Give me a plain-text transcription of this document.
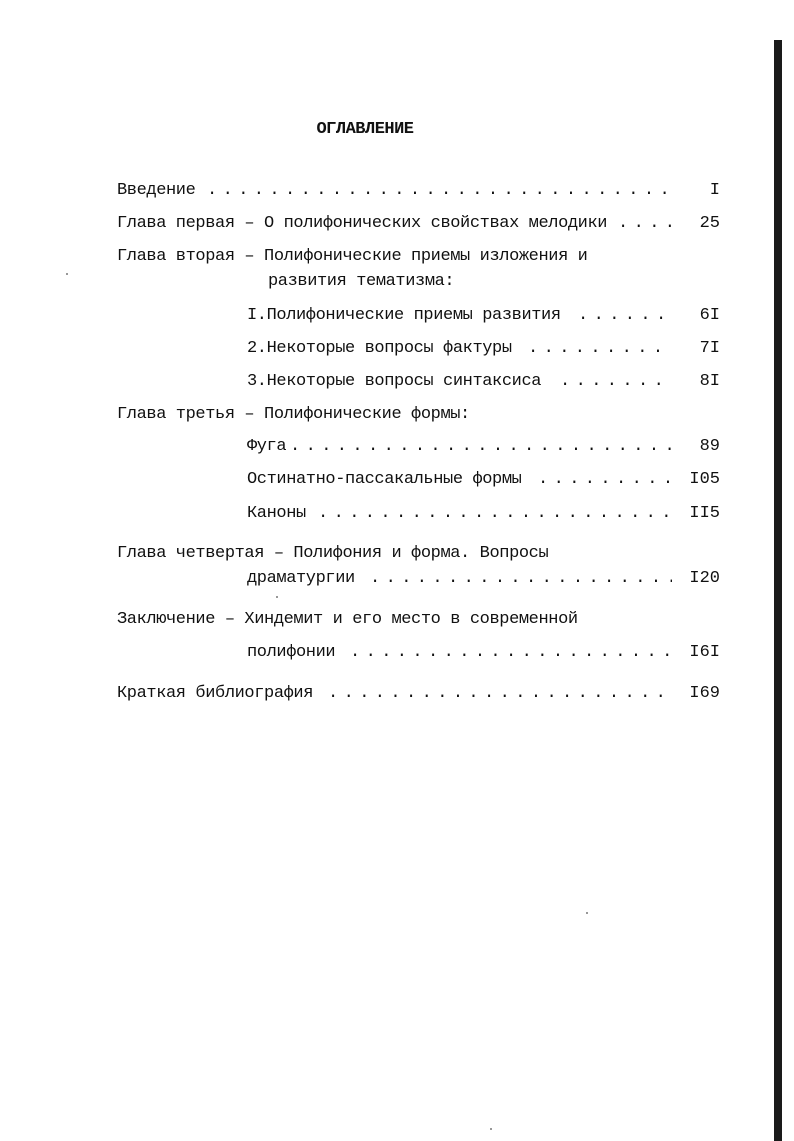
ОГЛАВЛЕНИЕ
Введение . . .	I
Глава первая – О полифонических свойствах мелодики . . .	25
Глава вторая – Полифонические приемы изложения и
развития тематизма:
I.Полифонические приемы развития . . .	6I
2.Некоторые вопросы фактуры . . .	7I
3.Некоторые вопросы синтаксиса . . .	8I
Глава третья – Полифонические формы:
Фуга . . .	89
Остинатно-пассакальные формы . . .	I05
Каноны . . .	II5
Глава четвертая – Полифония и форма. Вопросы
драматургии . . .	I20
Заключение – Хиндемит и его место в современной
полифонии . . .	I6I
Краткая библиография . . .	I69
